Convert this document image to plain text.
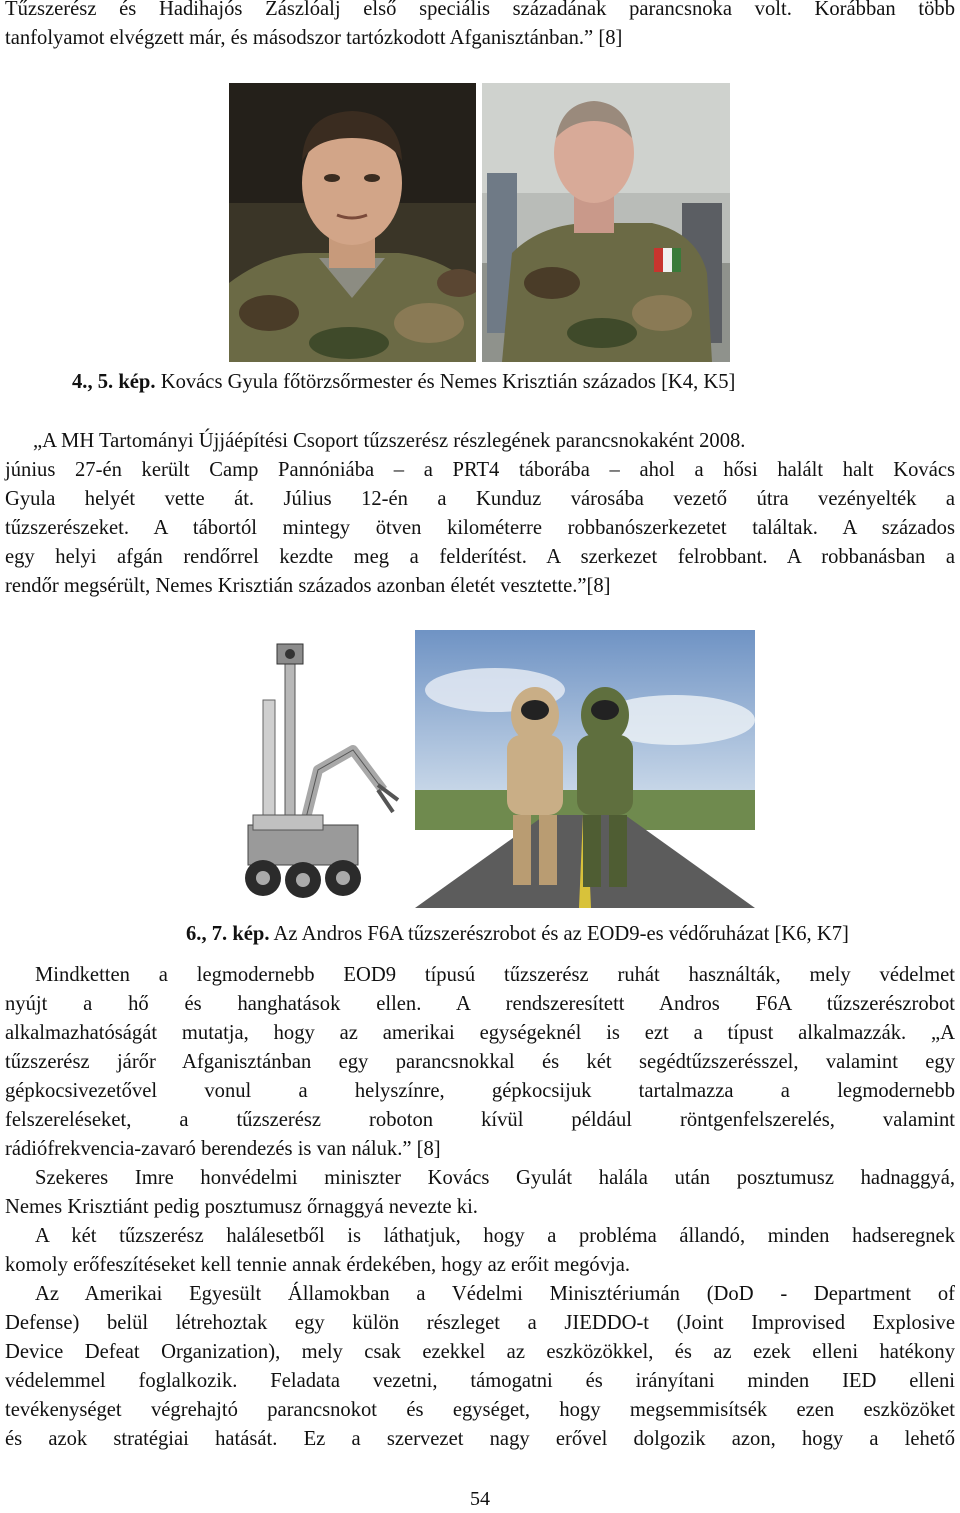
Tűzszerész és Hadihajós Zászlóalj első speciális századának parancsnoka volt. Korábban több
tanfolyamot elvégzett már, és másodszor tartózkodott Afganisztánban.” [8]
4., 5. kép. Kovács Gyula főtörzsőrmester és Nemes Krisztián százados [K4, K5]
„A MH Tartományi Újjáépítési Csoport tűzszerész részlegének parancsnokaként 2008.
június 27-én került Camp Pannóniába – a PRT4 táborába – ahol a hősi halált halt Kovács
Gyula helyét vette át. Július 12-én a Kunduz városába vezető útra vezényelték a
tűzszerészeket. A tábortól mintegy ötven kilométerre robbanószerkezetet találtak. A százados
egy helyi afgán rendőrrel kezdte meg a felderítést. A szerkezet felrobbant. A robbanásban a
rendőr megsérült, Nemes Krisztián százados azonban életét vesztette.”[8]
6., 7. kép. Az Andros F6A tűzszerészrobot és az EOD9-es védőruházat [K6, K7]
Mindketten a legmodernebb EOD9 típusú tűzszerész ruhát használták, mely védelmet
nyújt a hő és hanghatások ellen. A rendszeresített Andros F6A tűzszerészrobot
alkalmazhatóságát mutatja, hogy az amerikai egységeknél is ezt a típust alkalmazzák. „A
tűzszerész járőr Afganisztánban egy parancsnokkal és két segédtűzszerésszel, valamint egy
gépkocsivezetővel vonul a helyszínre, gépkocsijuk tartalmazza a legmodernebb
felszereléseket, a tűzszerész roboton kívül például röntgenfelszerelés, valamint
rádiófrekvencia-zavaró berendezés is van náluk.” [8]
Szekeres Imre honvédelmi miniszter Kovács Gyulát halála után posztumusz hadnaggyá,
Nemes Krisztiánt pedig posztumusz őrnaggyá nevezte ki.
A két tűzszerész halálesetből is láthatjuk, hogy a probléma állandó, minden hadseregnek
komoly erőfeszítéseket kell tennie annak érdekében, hogy az erőit megóvja.
Az Amerikai Egyesült Államokban a Védelmi Minisztériumán (DoD - Department of
Defense) belül létrehoztak egy külön részleget a JIEDDO-t (Joint Improvised Explosive
Device Defeat Organization), mely csak ezekkel az eszközökkel, és az ezek elleni hatékony
védelemmel foglalkozik. Feladata vezetni, támogatni és irányítani minden IED elleni
tevékenységet végrehajtó parancsnokot és egységet, hogy megsemmisítsék ezen eszközöket
és azok stratégiai hatását. Ez a szervezet nagy erővel dolgozik azon, hogy a lehető
54
